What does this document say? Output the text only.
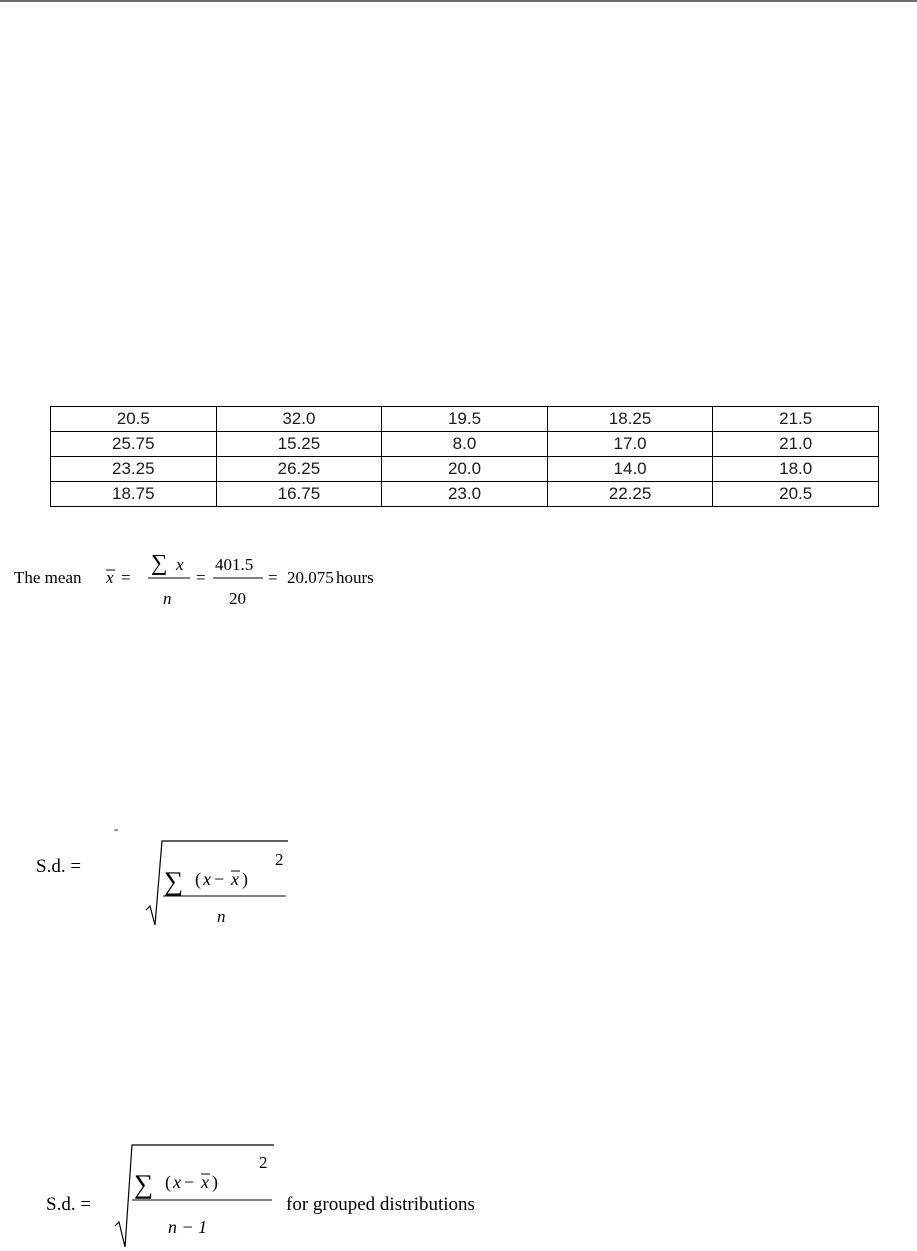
20.5	32.0	19.5	18.25	21.5
25.75	15.25	8.0	17.0	21.0
23.25	26.25	20.0	14.0	18.0
18.75	16.75	23.0	22.25	20.5
The mean x =
∑ x
n
=
401.5
20
= 20.075 hours
-
S.d. =	∑ ( x − x )
2
n
S.d. =
∑ ( x − x )
2
n − 1
for grouped distributions
